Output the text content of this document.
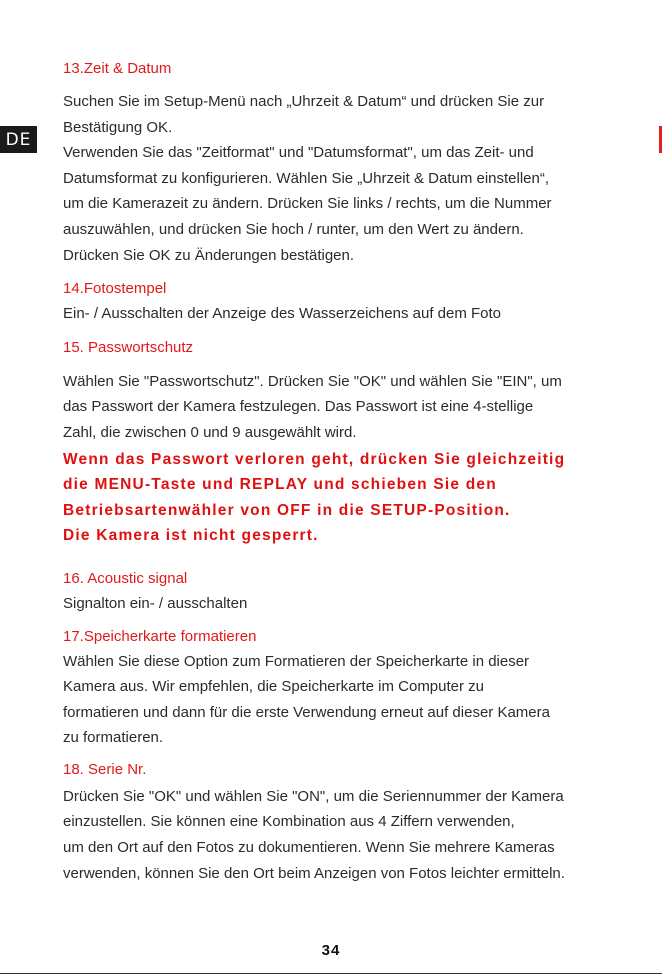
DE
13.Zeit & Datum

Suchen Sie im Setup-Menü nach „Uhrzeit & Datum“ und drücken Sie zur
Bestätigung OK.
Verwenden Sie das "Zeitformat" und "Datumsformat", um das Zeit- und
Datumsformat zu konfigurieren. Wählen Sie „Uhrzeit & Datum einstellen“,
um die Kamerazeit zu ändern. Drücken Sie links / rechts, um die Nummer
auszuwählen, und drücken Sie hoch / runter, um den Wert zu ändern.
Drücken Sie OK zu Änderungen bestätigen.

14.Fotostempel

Ein- / Ausschalten der Anzeige des Wasserzeichens auf dem Foto

15. Passwortschutz

Wählen Sie "Passwortschutz". Drücken Sie "OK" und wählen Sie "EIN", um
das Passwort der Kamera festzulegen. Das Passwort ist eine 4-stellige
Zahl, die zwischen 0 und 9 ausgewählt wird.

Wenn das Passwort verloren geht, drücken Sie gleichzeitig
die MENU-Taste und REPLAY und schieben Sie den
Betriebsartenwähler von OFF in die SETUP-Position.
Die Kamera ist nicht gesperrt.

16. Acoustic signal

Signalton ein- / ausschalten

17.Speicherkarte formatieren

Wählen Sie diese Option zum Formatieren der Speicherkarte in dieser
Kamera aus. Wir empfehlen, die Speicherkarte im Computer zu
formatieren und dann für die erste Verwendung erneut auf dieser Kamera
zu formatieren.

18. Serie Nr.

Drücken Sie "OK" und wählen Sie "ON", um die Seriennummer der Kamera
einzustellen. Sie können eine Kombination aus 4 Ziffern verwenden,
um den Ort auf den Fotos zu dokumentieren. Wenn Sie mehrere Kameras
verwenden, können Sie den Ort beim Anzeigen von Fotos leichter ermitteln.

34
